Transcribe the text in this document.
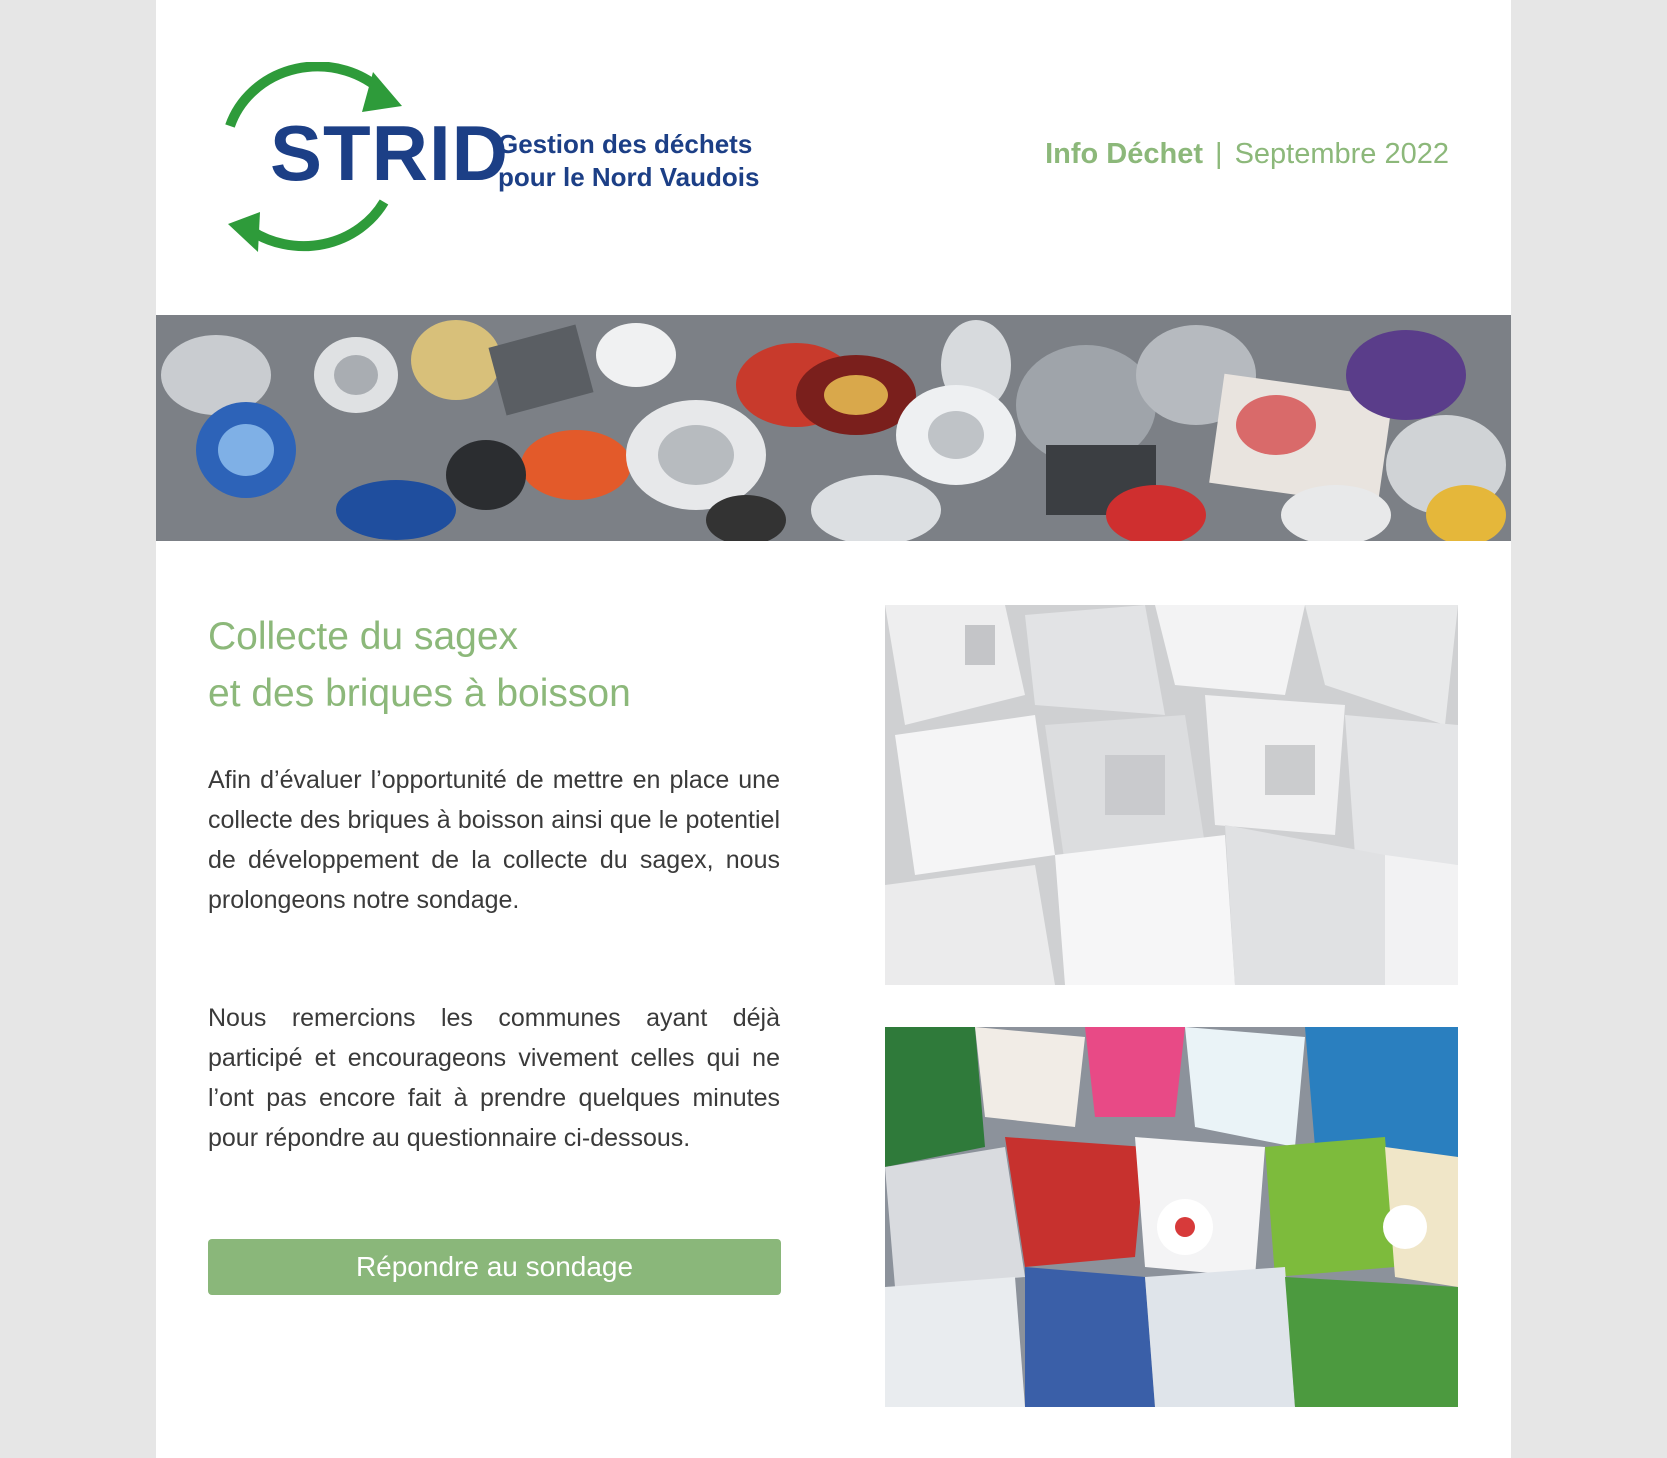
STRID
Gestion des déchets
pour le Nord Vaudois
Info Déchet | Septembre 2022
Collecte du sagex
et des briques à boisson

Afin d’évaluer l’opportunité de mettre en place une collecte des briques à boisson ainsi que le potentiel de développement de la collecte du sagex, nous prolongeons notre sondage.

Nous remercions les communes ayant déjà participé et encourageons vivement celles qui ne l’ont pas encore fait à prendre quelques minutes pour répondre au questionnaire ci-dessous.

Répondre au sondage
